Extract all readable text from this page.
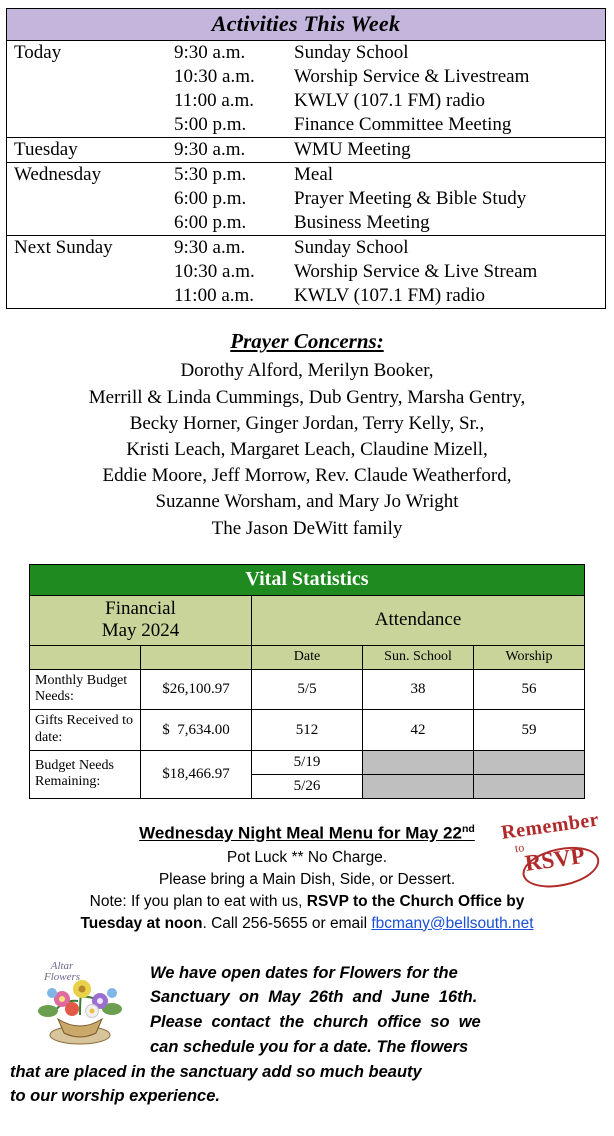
Activities This Week

Today	9:30 a.m.	Sunday School
	10:30 a.m.	Worship Service & Livestream
	11:00 a.m.	KWLV (107.1 FM) radio
	5:00 p.m.	Finance Committee Meeting

Tuesday	9:30 a.m.	WMU Meeting

Wednesday	5:30 p.m.	Meal
	6:00 p.m.	Prayer Meeting & Bible Study
	6:00 p.m.	Business Meeting

Next Sunday	9:30 a.m.	Sunday School
	10:30 a.m.	Worship Service & Live Stream
	11:00 a.m.	KWLV (107.1 FM) radio
Prayer Concerns:
Dorothy Alford, Merilyn Booker,
Merrill & Linda Cummings, Dub Gentry, Marsha Gentry,
Becky Horner, Ginger Jordan, Terry Kelly, Sr.,
Kristi Leach, Margaret Leach, Claudine Mizell,
Eddie Moore, Jeff Morrow, Rev. Claude Weatherford,
Suzanne Worsham, and Mary Jo Wright
The Jason DeWitt family
Vital Statistics				

Financial
May 2024		Attendance		
		Date	Sun. School	Worship
Monthly Budget Needs:	$26,100.97	5/5	38	56
Gifts Received to date:	$  7,634.00	512	42	59

Budget Needs
Remaining:	$18,466.97	5/19		
		5/26		
Remember
to
RSVP
Wednesday Night Meal Menu for May 22nd
Pot Luck ** No Charge.
Please bring a Main Dish, Side, or Dessert.
Note: If you plan to eat with us, RSVP to the Church Office by
Tuesday at noon. Call 256-5655 or email fbcmany@bellsouth.net
Altar
Flowers	We have open dates for Flowers for the
Sanctuary  on  May  26th  and  June  16th.
Please  contact  the  church  office  so  we
can schedule you for a date. The flowers
that are placed in the sanctuary add so much beauty
to our worship experience.
